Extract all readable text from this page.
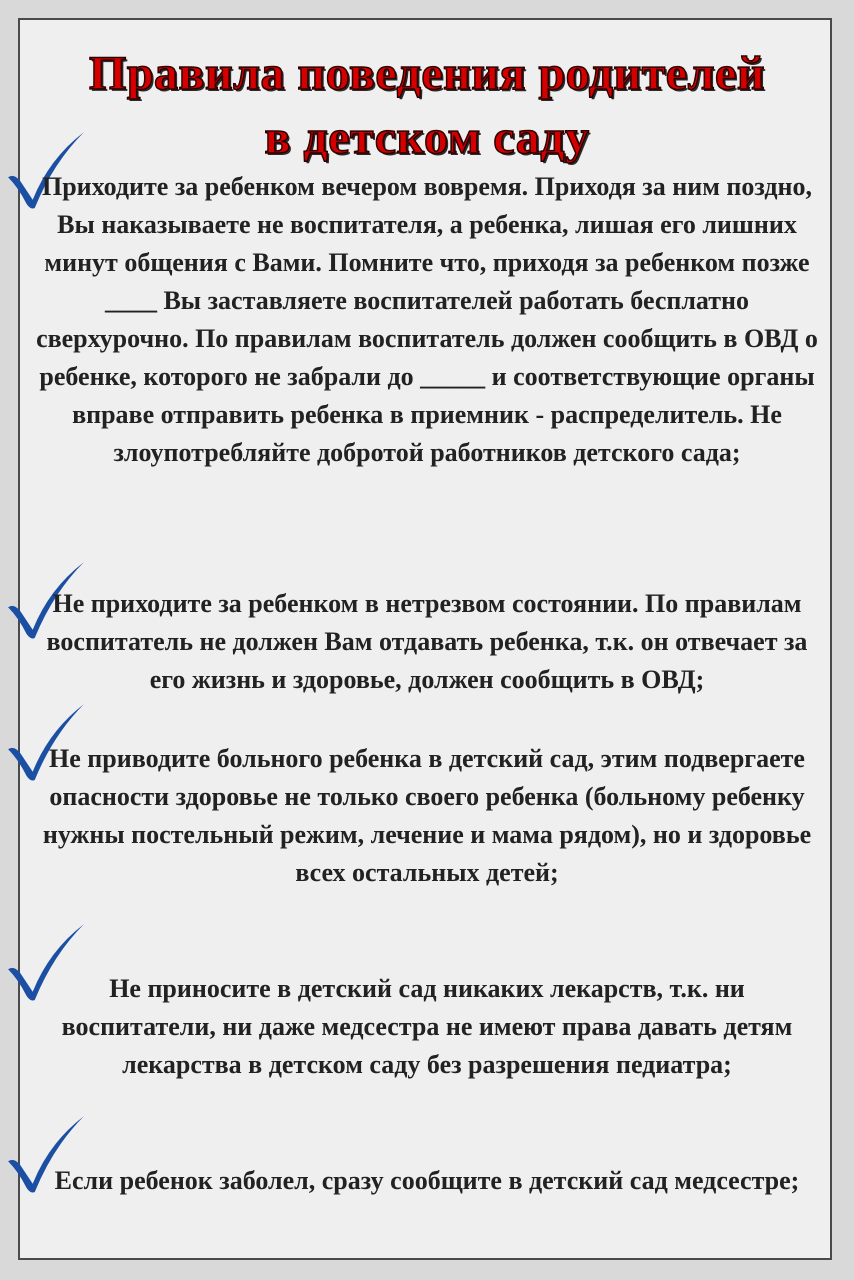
Правила поведения родителей
в детском саду

Приходите за ребенком вечером вовремя. Приходя за ним поздно, Вы наказываете не воспитателя, а ребенка, лишая его лишних минут общения с Вами. Помните что, приходя за ребенком позже ____ Вы заставляете воспитателей работать бесплатно сверхурочно. По правилам воспитатель должен сообщить в ОВД о ребенке, которого не забрали до _____ и соответствующие органы вправе отправить ребенка в приемник - распределитель. Не злоупотребляйте добротой работников детского сада;

Не приходите за ребенком в нетрезвом состоянии. По правилам воспитатель не должен Вам отдавать ребенка, т.к. он отвечает за его жизнь и здоровье, должен сообщить в ОВД;

Не приводите больного ребенка в детский сад, этим подвергаете опасности здоровье не только своего ребенка (больному ребенку нужны постельный режим, лечение и мама рядом), но и здоровье всех остальных детей;

Не приносите в детский сад никаких лекарств, т.к. ни воспитатели, ни даже медсестра не имеют права давать детям лекарства в детском саду без разрешения педиатра;

Если ребенок заболел, сразу сообщите в детский сад медсестре;
